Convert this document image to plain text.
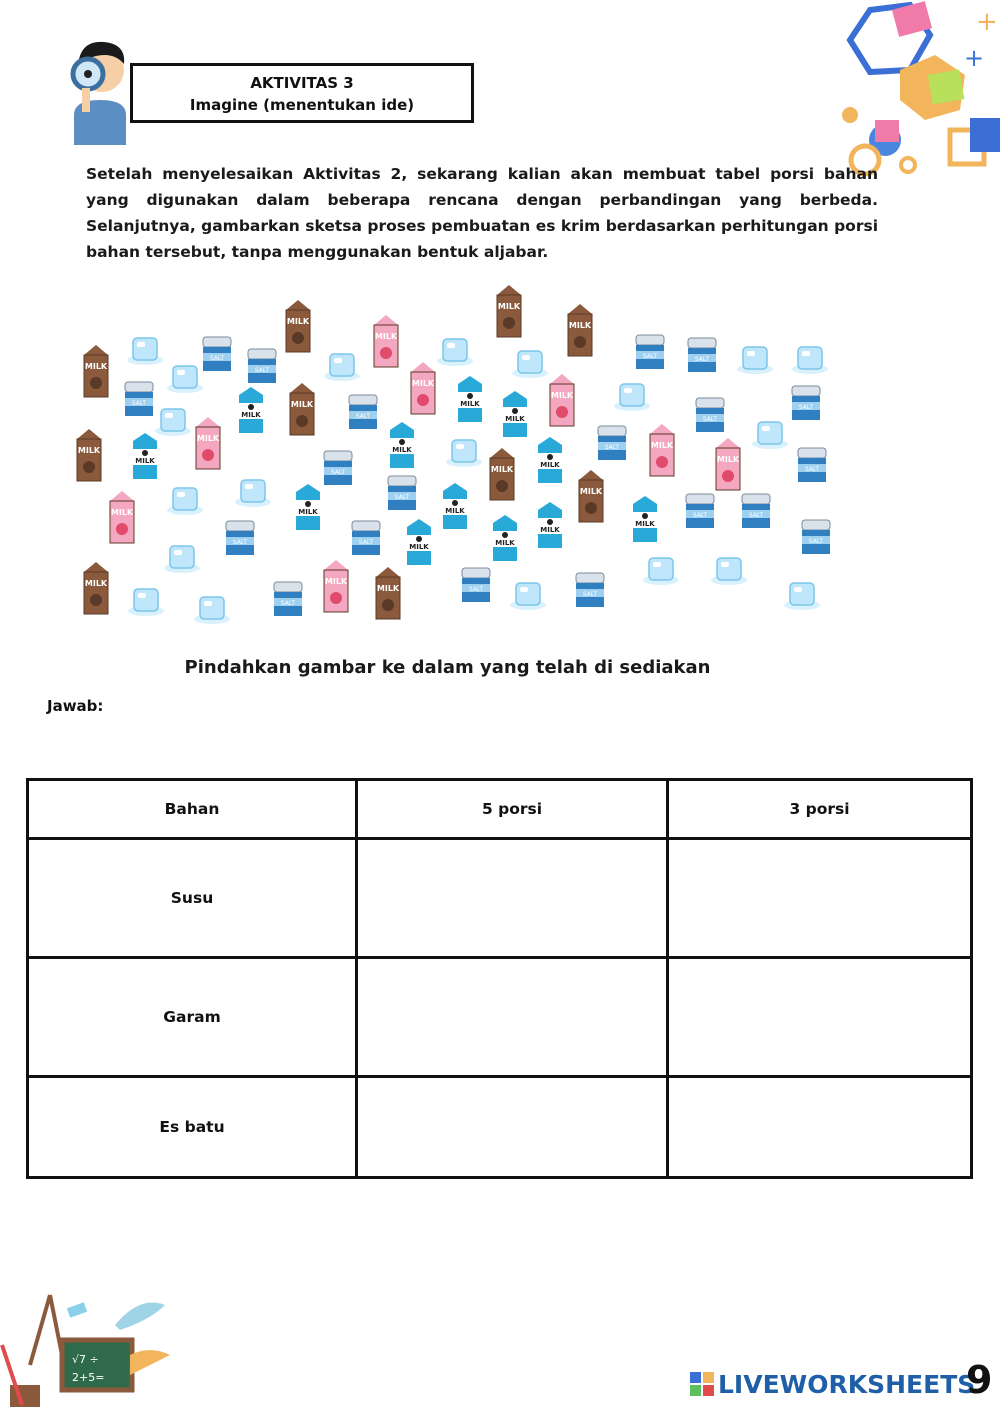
AKTIVITAS 3
Imagine (menentukan ide)
+
+
Setelah menyelesaikan Aktivitas 2, sekarang kalian akan membuat tabel porsi bahan yang digunakan dalam beberapa rencana dengan perbandingan yang berbeda. Selanjutnya, gambarkan sketsa proses pembuatan es krim berdasarkan perhitungan porsi bahan tersebut, tanpa menggunakan bentuk aljabar.
MILK
MILK
MILK
MILK
MILK
MILK
MILK
MILK
MILK
MILK
MILK
MILK
MILK
MILK
MILK
MILK
MILK
MILK
MILK
MILK
MILK
MILK
MILK
MILK
MILK	MILK
MILK	MILK
MILK
MILK
SALT
SALT
SALT
SALT
SALT	SALT
SALT
SALT
SALT
SALT
SALT
SALT
SALT	SALT
SALT	SALT
SALT
SALT
SALT
SALT
Pindahkan gambar ke dalam yang telah di sediakan
Jawab:
Bahan	5 porsi	3 porsi
Susu		
Garam		
Es batu		
√7 ÷
2+5=	LIVEWORKSHEETS
9
